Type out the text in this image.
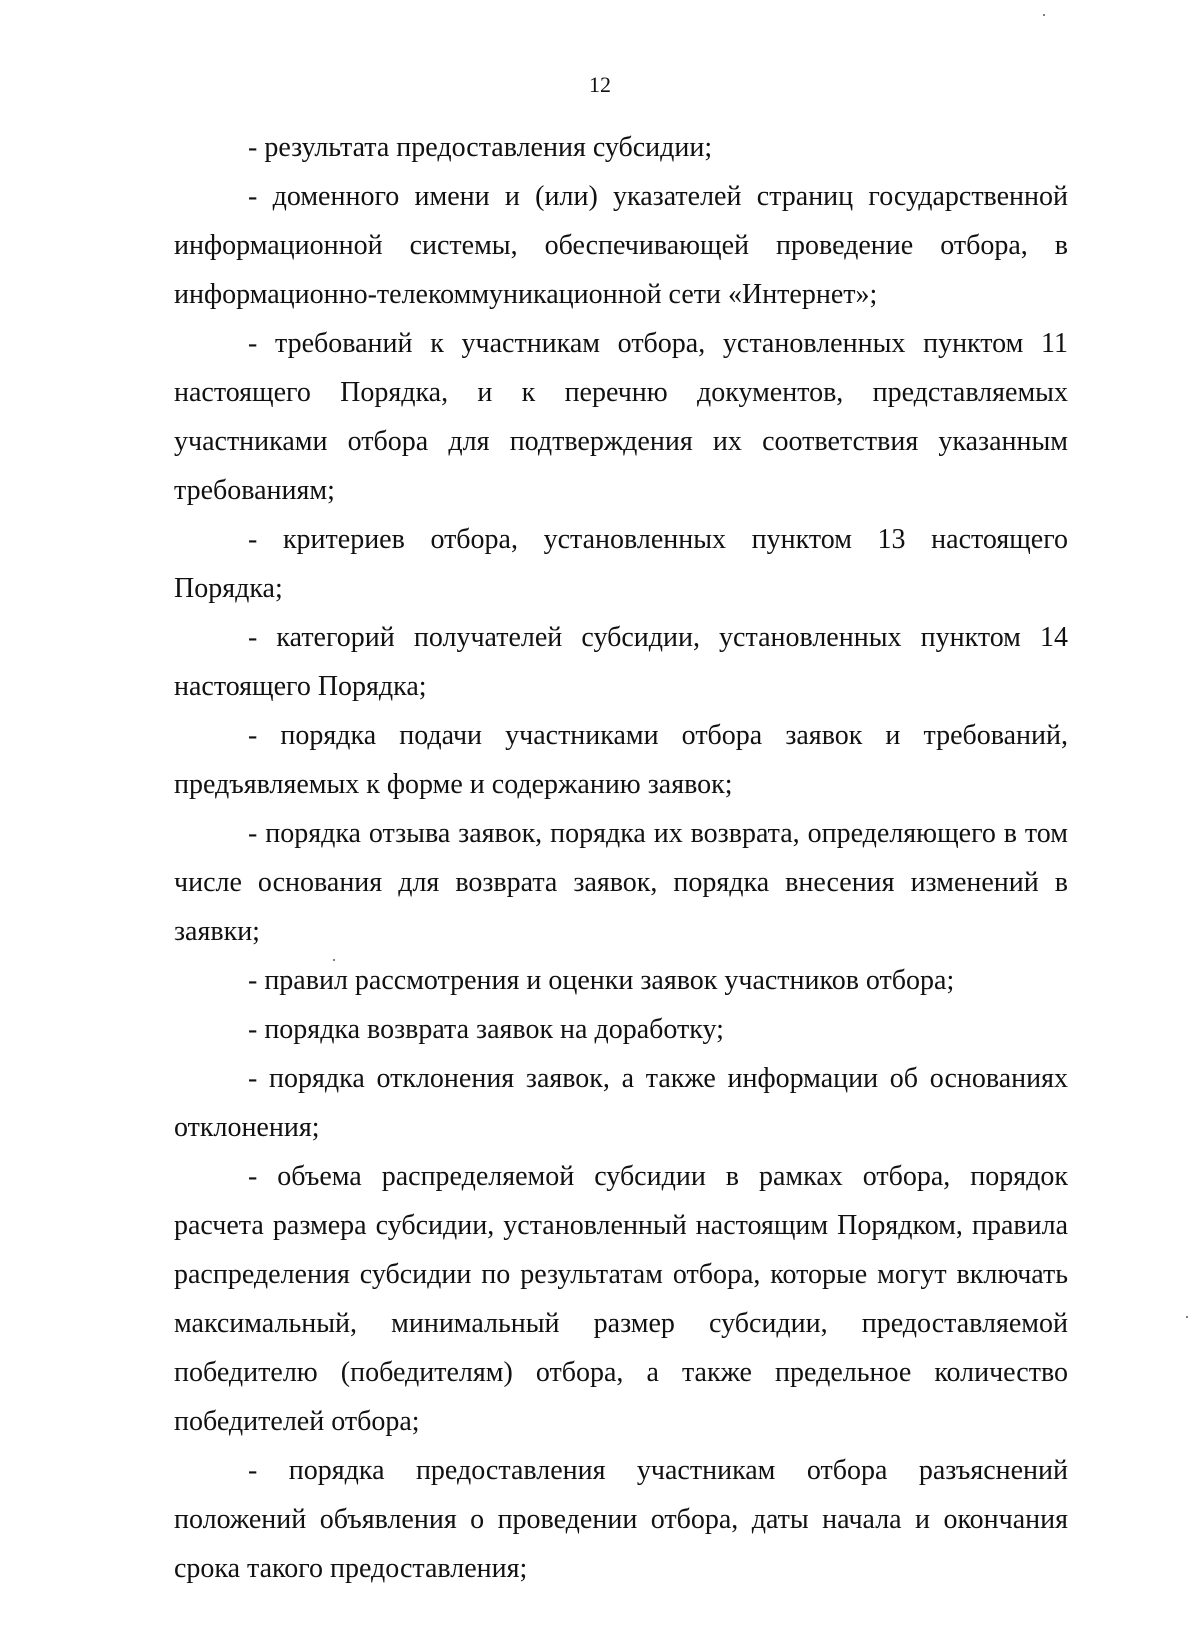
12

- результата предоставления субсидии;

- доменного имени и (или) указателей страниц государственной информационной системы, обеспечивающей проведение отбора, в информационно-телекоммуникационной сети «Интернет»;

- требований к участникам отбора, установленных пунктом 11 настоящего Порядка, и к перечню документов, представляемых участниками отбора для подтверждения их соответствия указанным требованиям;

- критериев отбора, установленных пунктом 13 настоящего Порядка;

- категорий получателей субсидии, установленных пунктом 14 настоящего Порядка;

- порядка подачи участниками отбора заявок и требований, предъявляемых к форме и содержанию заявок;

- порядка отзыва заявок, порядка их возврата, определяющего в том числе основания для возврата заявок, порядка внесения изменений в заявки;

- правил рассмотрения и оценки заявок участников отбора;

- порядка возврата заявок на доработку;

- порядка отклонения заявок, а также информации об основаниях отклонения;

- объема распределяемой субсидии в рамках отбора, порядок расчета размера субсидии, установленный настоящим Порядком, правила распределения субсидии по результатам отбора, которые могут включать максимальный, минимальный размер субсидии, предоставляемой победителю (победителям) отбора, а также предельное количество победителей отбора;

- порядка предоставления участникам отбора разъяснений положений объявления о проведении отбора, даты начала и окончания срока такого предоставления;
